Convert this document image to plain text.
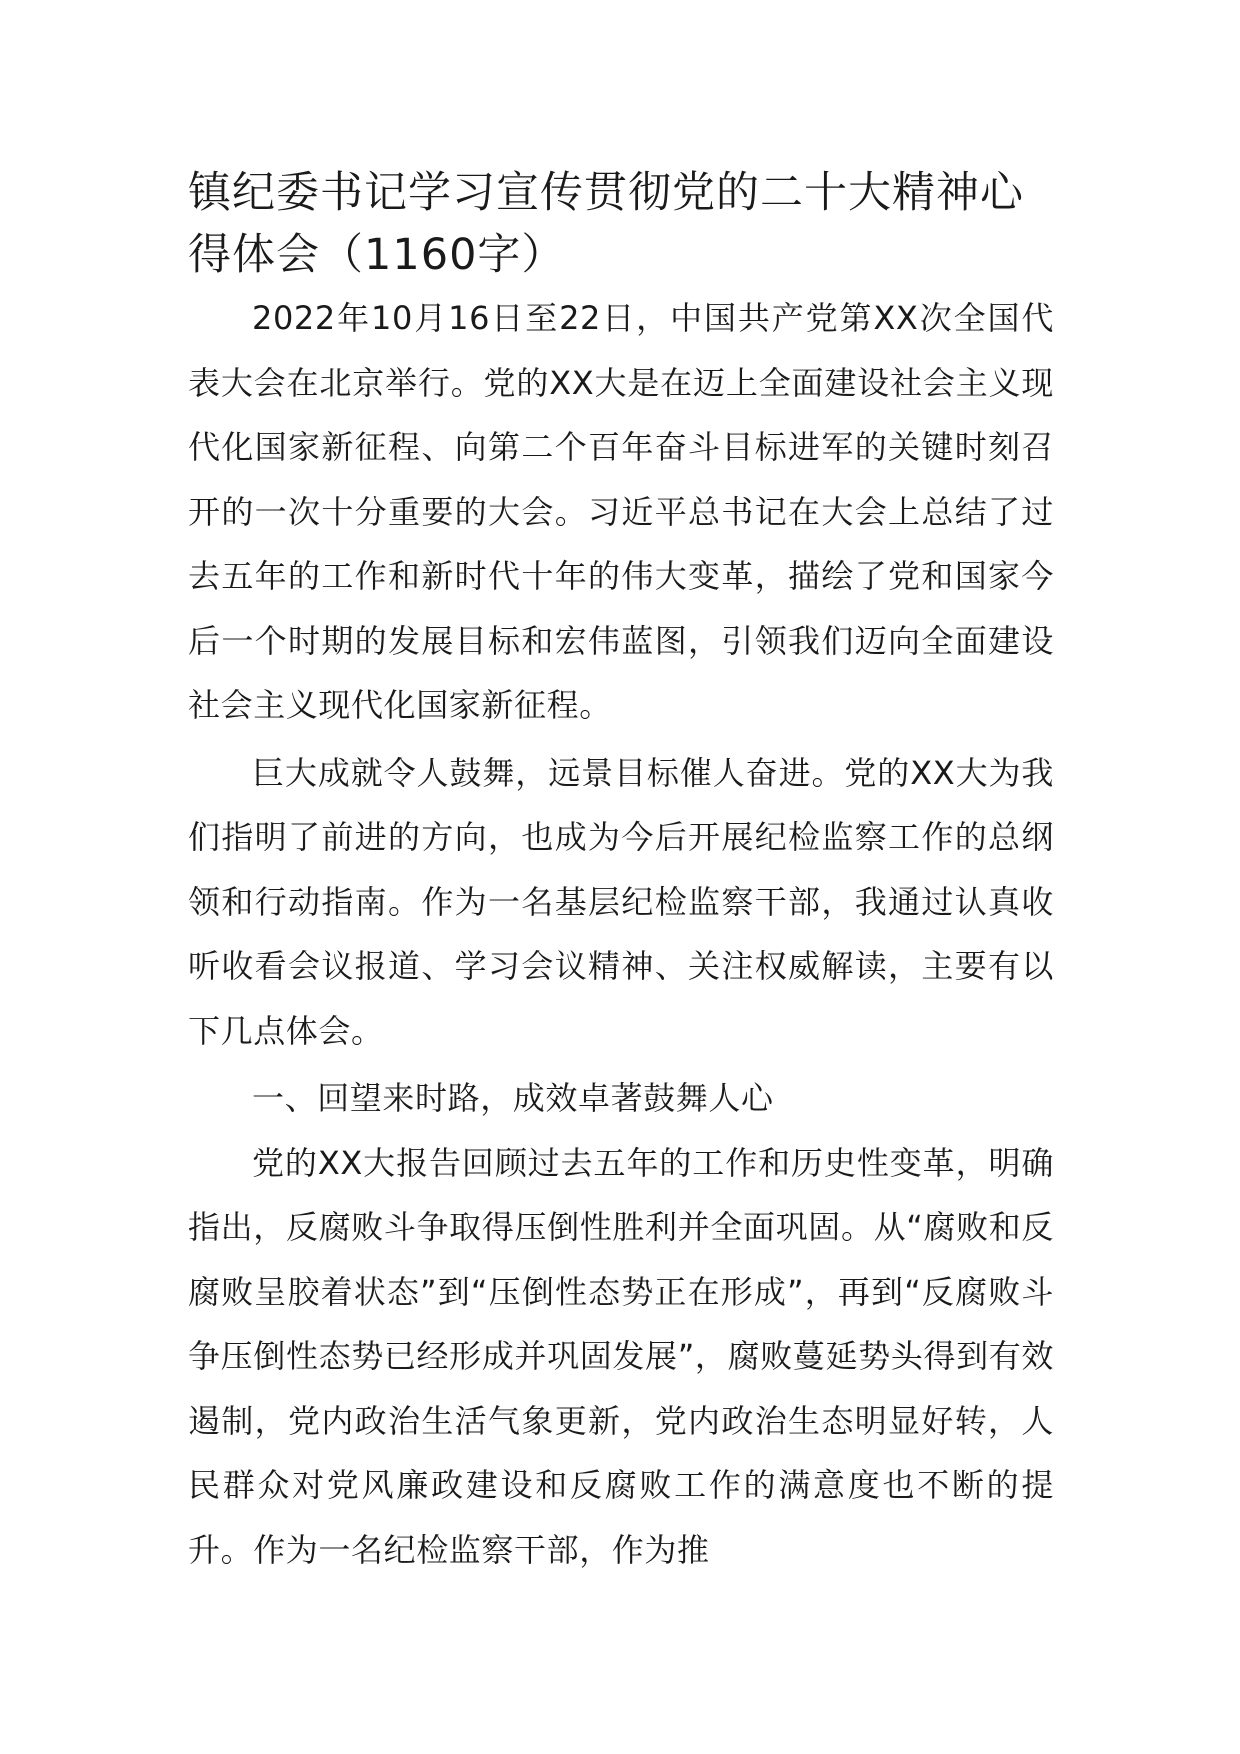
镇纪委书记学习宣传贯彻党的二十大精神心得体会（1160字）

2022年10月16日至22日，中国共产党第XX次全国代表大会在北京举行。党的XX大是在迈上全面建设社会主义现代化国家新征程、向第二个百年奋斗目标进军的关键时刻召开的一次十分重要的大会。习近平总书记在大会上总结了过去五年的工作和新时代十年的伟大变革，描绘了党和国家今后一个时期的发展目标和宏伟蓝图，引领我们迈向全面建设社会主义现代化国家新征程。

巨大成就令人鼓舞，远景目标催人奋进。党的XX大为我们指明了前进的方向，也成为今后开展纪检监察工作的总纲领和行动指南。作为一名基层纪检监察干部，我通过认真收听收看会议报道、学习会议精神、关注权威解读，主要有以下几点体会。

一、回望来时路，成效卓著鼓舞人心

党的XX大报告回顾过去五年的工作和历史性变革，明确指出，反腐败斗争取得压倒性胜利并全面巩固。从“腐败和反腐败呈胶着状态”到“压倒性态势正在形成”，再到“反腐败斗争压倒性态势已经形成并巩固发展”，腐败蔓延势头得到有效遏制，党内政治生活气象更新，党内政治生态明显好转，人民群众对党风廉政建设和反腐败工作的满意度也不断的提升。作为一名纪检监察干部，作为推
